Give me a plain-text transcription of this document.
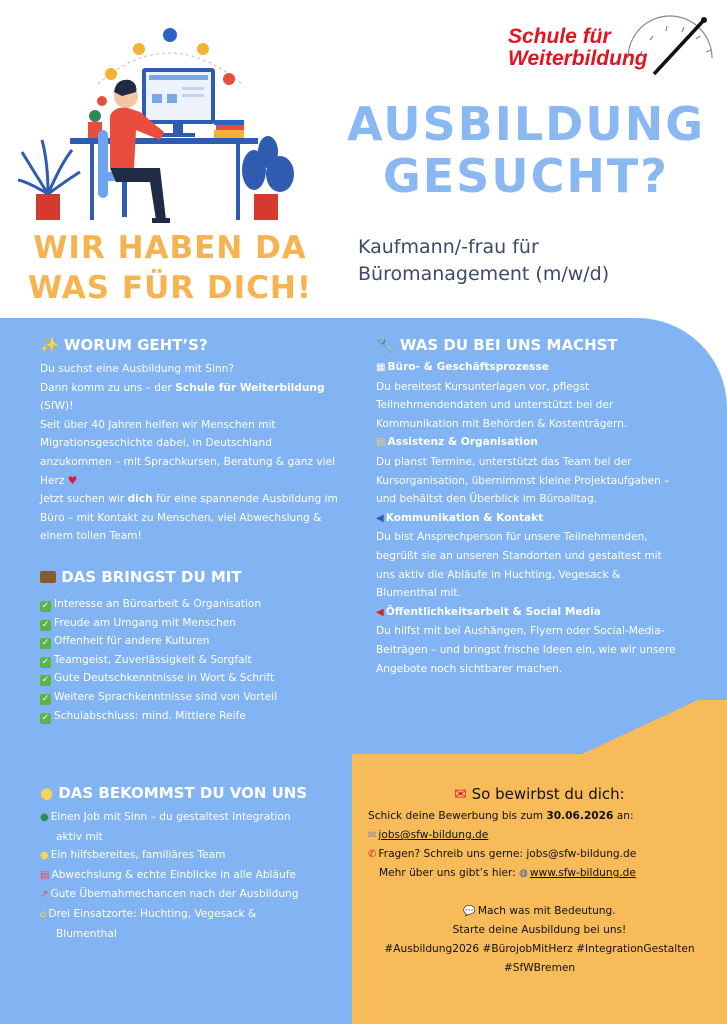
Schule für
Weiterbildung
AUSBILDUNG
GESUCHT?
WIR HABEN DA
WAS FÜR DICH!
Kaufmann/-frau für
Büromanagement (m/w/d)
✨ WORUM GEHT’S?
Du suchst eine Ausbildung mit Sinn?
Dann komm zu uns – der Schule für Weiterbildung
(SfW)!
Seit über 40 Jahren helfen wir Menschen mit
Migrationsgeschichte dabei, in Deutschland
anzukommen – mit Sprachkursen, Beratung & ganz viel
Herz ♥
Jetzt suchen wir dich für eine spannende Ausbildung im
Büro – mit Kontakt zu Menschen, viel Abwechslung &
einem tollen Team!
DAS BRINGST DU MIT
✓ Interesse an Büroarbeit & Organisation
✓ Freude am Umgang mit Menschen
✓ Offenheit für andere Kulturen
✓ Teamgeist, Zuverlässigkeit & Sorgfalt
✓ Gute Deutschkenntnisse in Wort & Schrift
✓ Weitere Sprachkenntnisse sind von Vorteil
✓ Schulabschluss: mind. Mittlere Reife
🔧 WAS DU BEI UNS MACHST
▦ Büro- & Geschäftsprozesse
Du bereitest Kursunterlagen vor, pflegst
Teilnehmendendaten und unterstützt bei der
Kommunikation mit Behörden & Kostenträgern.
▤ Assistenz & Organisation
Du planst Termine, unterstützt das Team bei der
Kursorganisation, übernimmst kleine Projektaufgaben –
und behältst den Überblick im Büroalltag.
◀ Kommunikation & Kontakt
Du bist Ansprechperson für unsere Teilnehmenden,
begrüßt sie an unseren Standorten und gestaltest mit
uns aktiv die Abläufe in Huchting, Vegesack &
Blumenthal mit.
◀ Öffentlichkeitsarbeit & Social Media
Du hilfst mit bei Aushängen, Flyern oder Social-Media-
Beiträgen – und bringst frische Ideen ein, wie wir unsere
Angebote noch sichtbarer machen.
● DAS BEKOMMST DU VON UNS
● Einen Job mit Sinn – du gestaltest Integration
aktiv mit
● Ein hilfsbereites, familiäres Team
▤ Abwechslung & echte Einblicke in alle Abläufe
↗ Gute Übernahmechancen nach der Ausbildung
⌂ Drei Einsatzorte: Huchting, Vegesack &
Blumenthal
✉ So bewirbst du dich:
Schick deine Bewerbung bis zum 30.06.2026 an:
✉ jobs@sfw-bildung.de
✆ Fragen? Schreib uns gerne: jobs@sfw-bildung.de
☞ Mehr über uns gibt’s hier: ◍ www.sfw-bildung.de
💬 Mach was mit Bedeutung.
Starte deine Ausbildung bei uns!
#Ausbildung2026 #BürojobMitHerz #IntegrationGestalten
#SfWBremen
